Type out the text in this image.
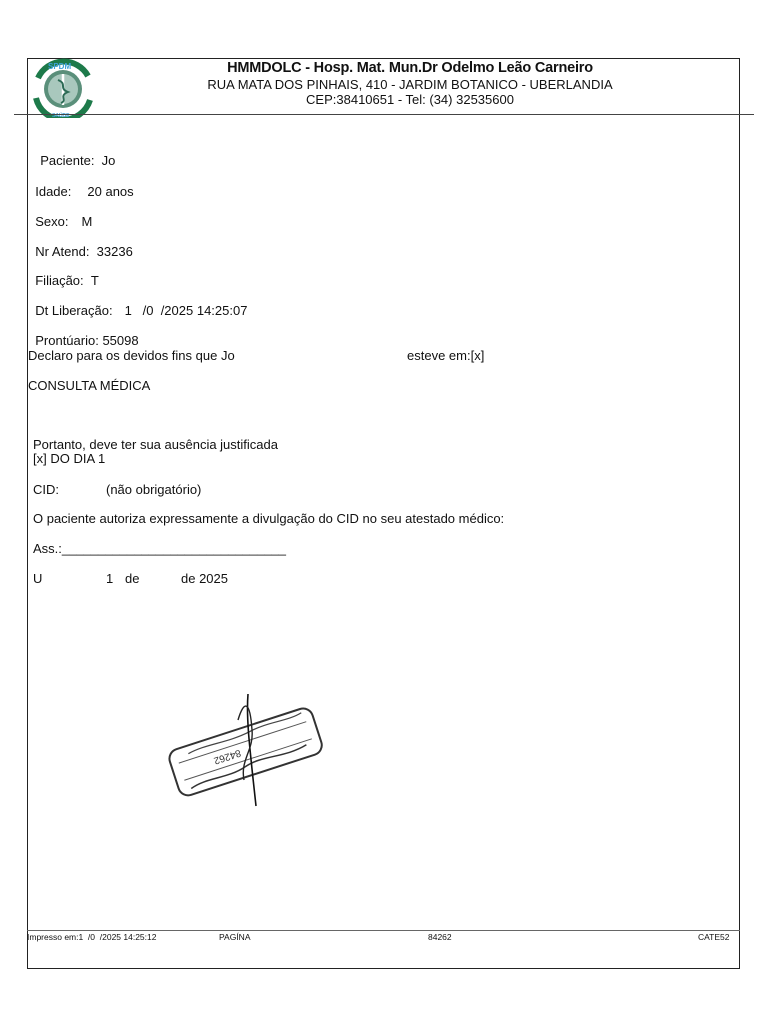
SPDM
SAÚDE
HMMDOLC - Hosp. Mat. Mun.Dr Odelmo Leão Carneiro
RUA MATA DOS PINHAIS, 410 - JARDIM BOTANICO - UBERLANDIA
CEP:38410651 - Tel: (34) 32535600

Paciente: Jo

Idade: 20 anos

Sexo: M

Nr Atend: 33236

Filiação: T

Dt Liberação: 1   /0  /2025 14:25:07

Prontúario: 55098

Declaro para os devidos fins que Jo	esteve em:[x]
CONSULTA MÉDICA
Portanto, deve ter sua ausência justificada
[x] DO DIA 1
CID:	(não obrigatório)
O paciente autoriza expressamente a divulgação do CID no seu atestado médico:
Ass.:_______________________________
U	1 de	de 2025
84262
Impresso em:1  /0  /2025 14:25:12	PAGÍNA	84262	CATE52
